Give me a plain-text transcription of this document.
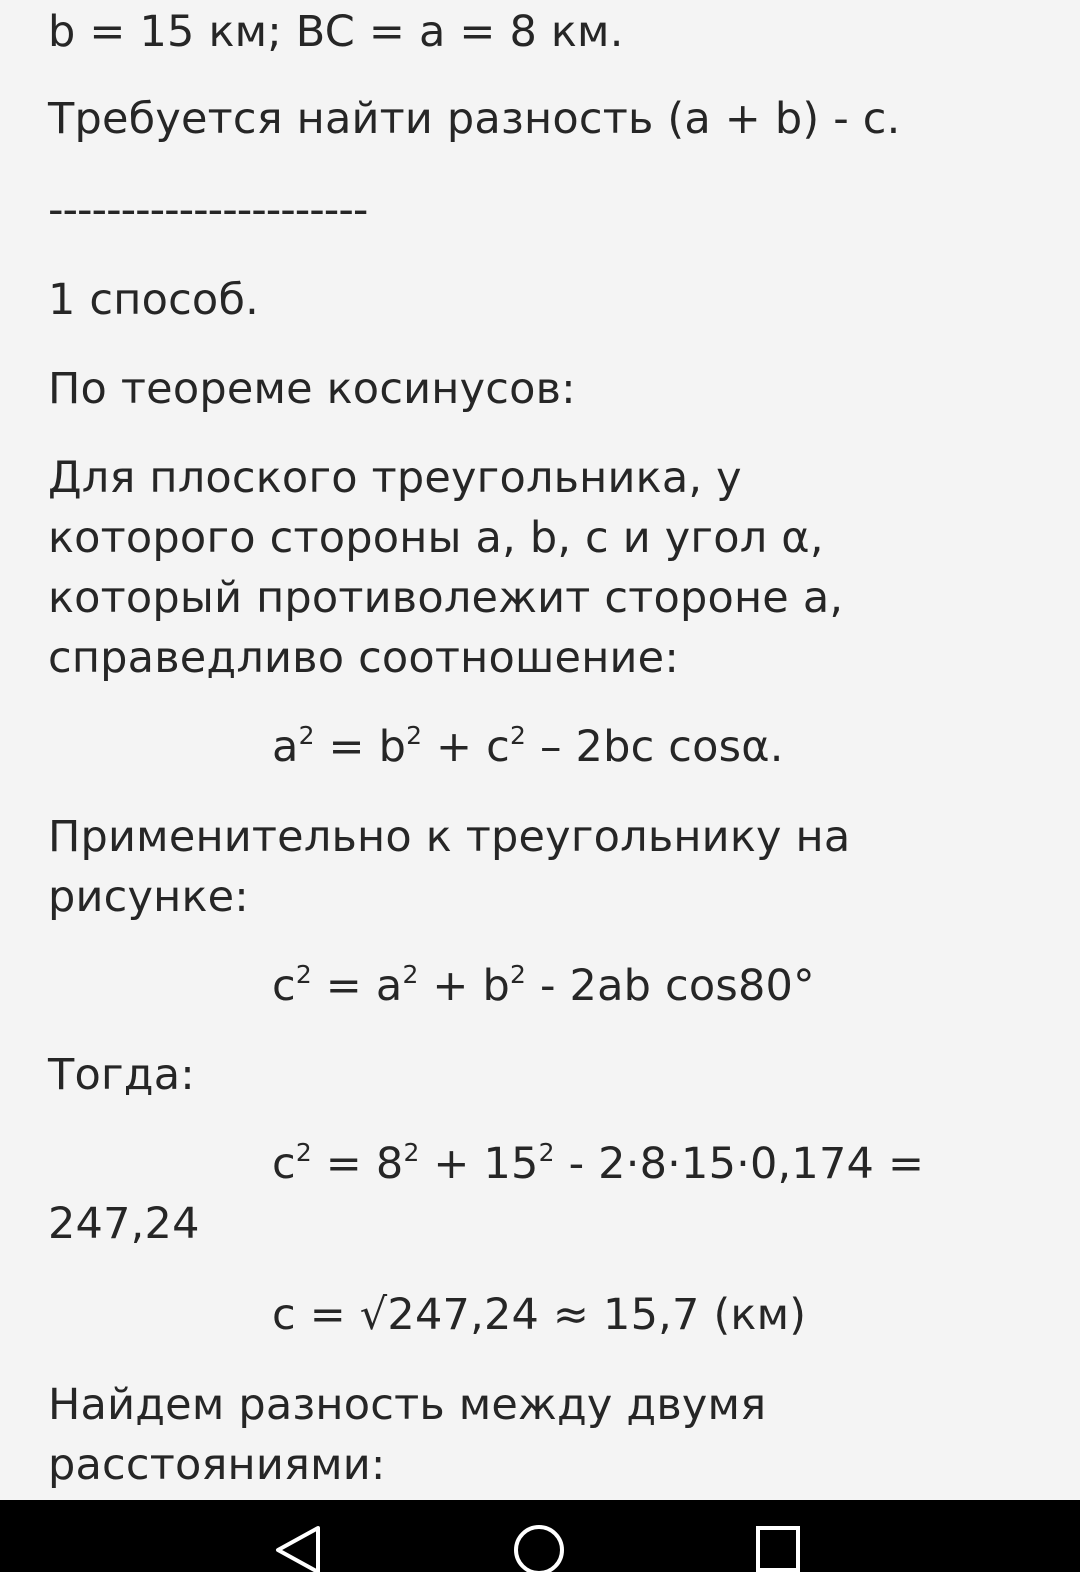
b = 15 км; BC = a = 8 км.
Требуется найти разность (a + b) - c.
----------------------
1 способ.
По теореме косинусов:
Для плоского треугольника, у
которого стороны a, b, c и угол α,
который противолежит стороне a,
справедливо соотношение:
$a^2 = b^2 + c^2 - 2bc$ cosα.
Применительно к треугольнику на
рисунке:
$c^2 = a^2 + b^2 - 2ab$ cos80°
Тогда:
$c^2 = 8^2 + 15^2 - 2\cdot 8\cdot 15\cdot 0,174$ =
247,24
c = √247,24 ≈ 15,7 (км)
Найдем разность между двумя
расстояниями:
